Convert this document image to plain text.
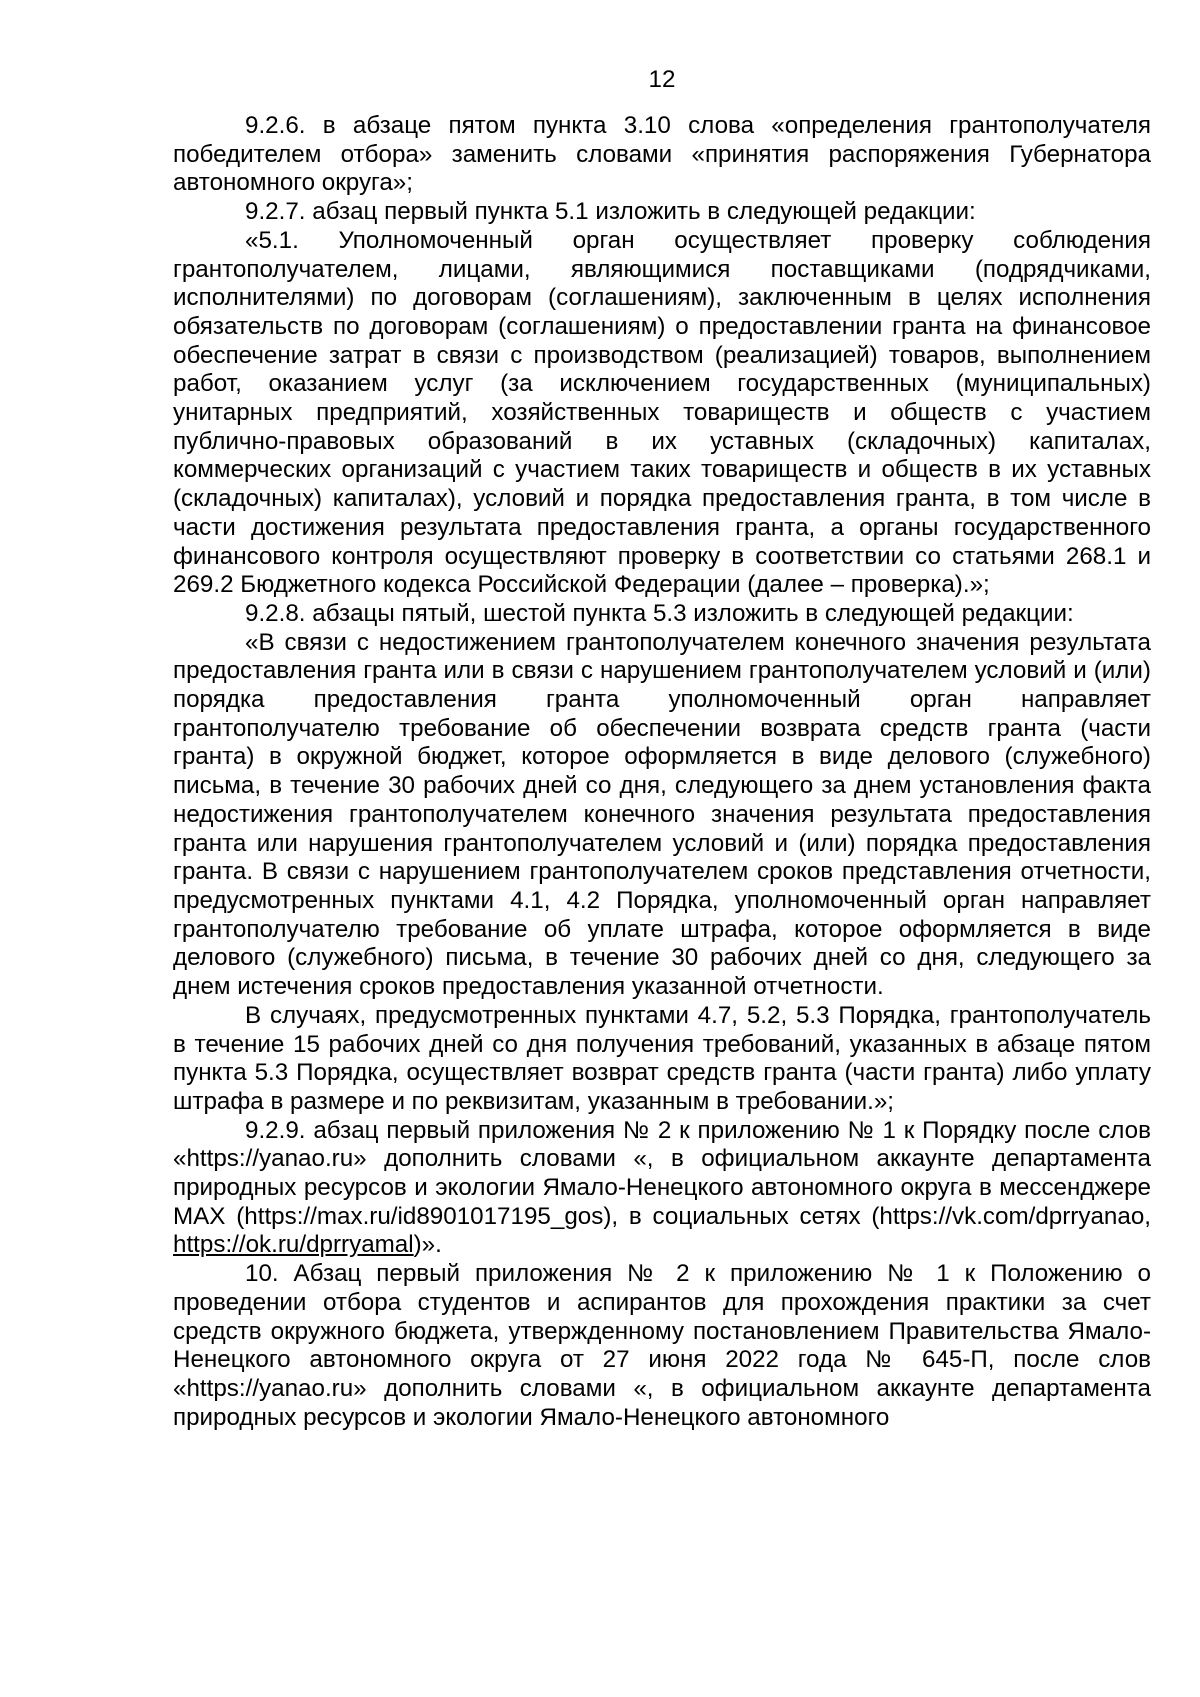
12

9.2.6. в абзаце пятом пункта 3.10 слова «определения грантополучателя победителем отбора» заменить словами «принятия распоряжения Губернатора автономного округа»;

9.2.7. абзац первый пункта 5.1 изложить в следующей редакции:

«5.1. Уполномоченный орган осуществляет проверку соблюдения грантополучателем, лицами, являющимися поставщиками (подрядчиками, исполнителями) по договорам (соглашениям), заключенным в целях исполнения обязательств по договорам (соглашениям) о предоставлении гранта на финансовое обеспечение затрат в связи с производством (реализацией) товаров, выполнением работ, оказанием услуг (за исключением государственных (муниципальных) унитарных предприятий, хозяйственных товариществ и обществ с участием публично-правовых образований в их уставных (складочных) капиталах, коммерческих организаций с участием таких товариществ и обществ в их уставных (складочных) капиталах), условий и порядка предоставления гранта, в том числе в части достижения результата предоставления гранта, а органы государственного финансового контроля осуществляют проверку в соответствии со статьями 268.1 и 269.2 Бюджетного кодекса Российской Федерации (далее – проверка).»;

9.2.8. абзацы пятый, шестой пункта 5.3 изложить в следующей редакции:

«В связи с недостижением грантополучателем конечного значения результата предоставления гранта или в связи с нарушением грантополучателем условий и (или) порядка предоставления гранта уполномоченный орган направляет грантополучателю требование об обеспечении возврата средств гранта (части гранта) в окружной бюджет, которое оформляется в виде делового (служебного) письма, в течение 30 рабочих дней со дня, следующего за днем установления факта недостижения грантополучателем конечного значения результата предоставления гранта или нарушения грантополучателем условий и (или) порядка предоставления гранта. В связи с нарушением грантополучателем сроков представления отчетности, предусмотренных пунктами 4.1, 4.2 Порядка, уполномоченный орган направляет грантополучателю требование об уплате штрафа, которое оформляется в виде делового (служебного) письма, в течение 30 рабочих дней со дня, следующего за днем истечения сроков предоставления указанной отчетности.

В случаях, предусмотренных пунктами 4.7, 5.2, 5.3 Порядка, грантополучатель в течение 15 рабочих дней со дня получения требований, указанных в абзаце пятом пункта 5.3 Порядка, осуществляет возврат средств гранта (части гранта) либо уплату штрафа в размере и по реквизитам, указанным в требовании.»;

9.2.9. абзац первый приложения № 2 к приложению № 1 к Порядку после слов «https://yanao.ru» дополнить словами «, в официальном аккаунте департамента природных ресурсов и экологии Ямало-Ненецкого автономного округа в мессенджере MAX (https://max.ru/id8901017195_gos), в социальных сетях (https://vk.com/dprryanao, https://ok.ru/dprryamal)».

10. Абзац первый приложения № 2 к приложению № 1 к Положению о проведении отбора студентов и аспирантов для прохождения практики за счет средств окружного бюджета, утвержденному постановлением Правительства Ямало-Ненецкого автономного округа от 27 июня 2022 года № 645-П, после слов «https://yanao.ru» дополнить словами «, в официальном аккаунте департамента природных ресурсов и экологии Ямало-Ненецкого автономного
